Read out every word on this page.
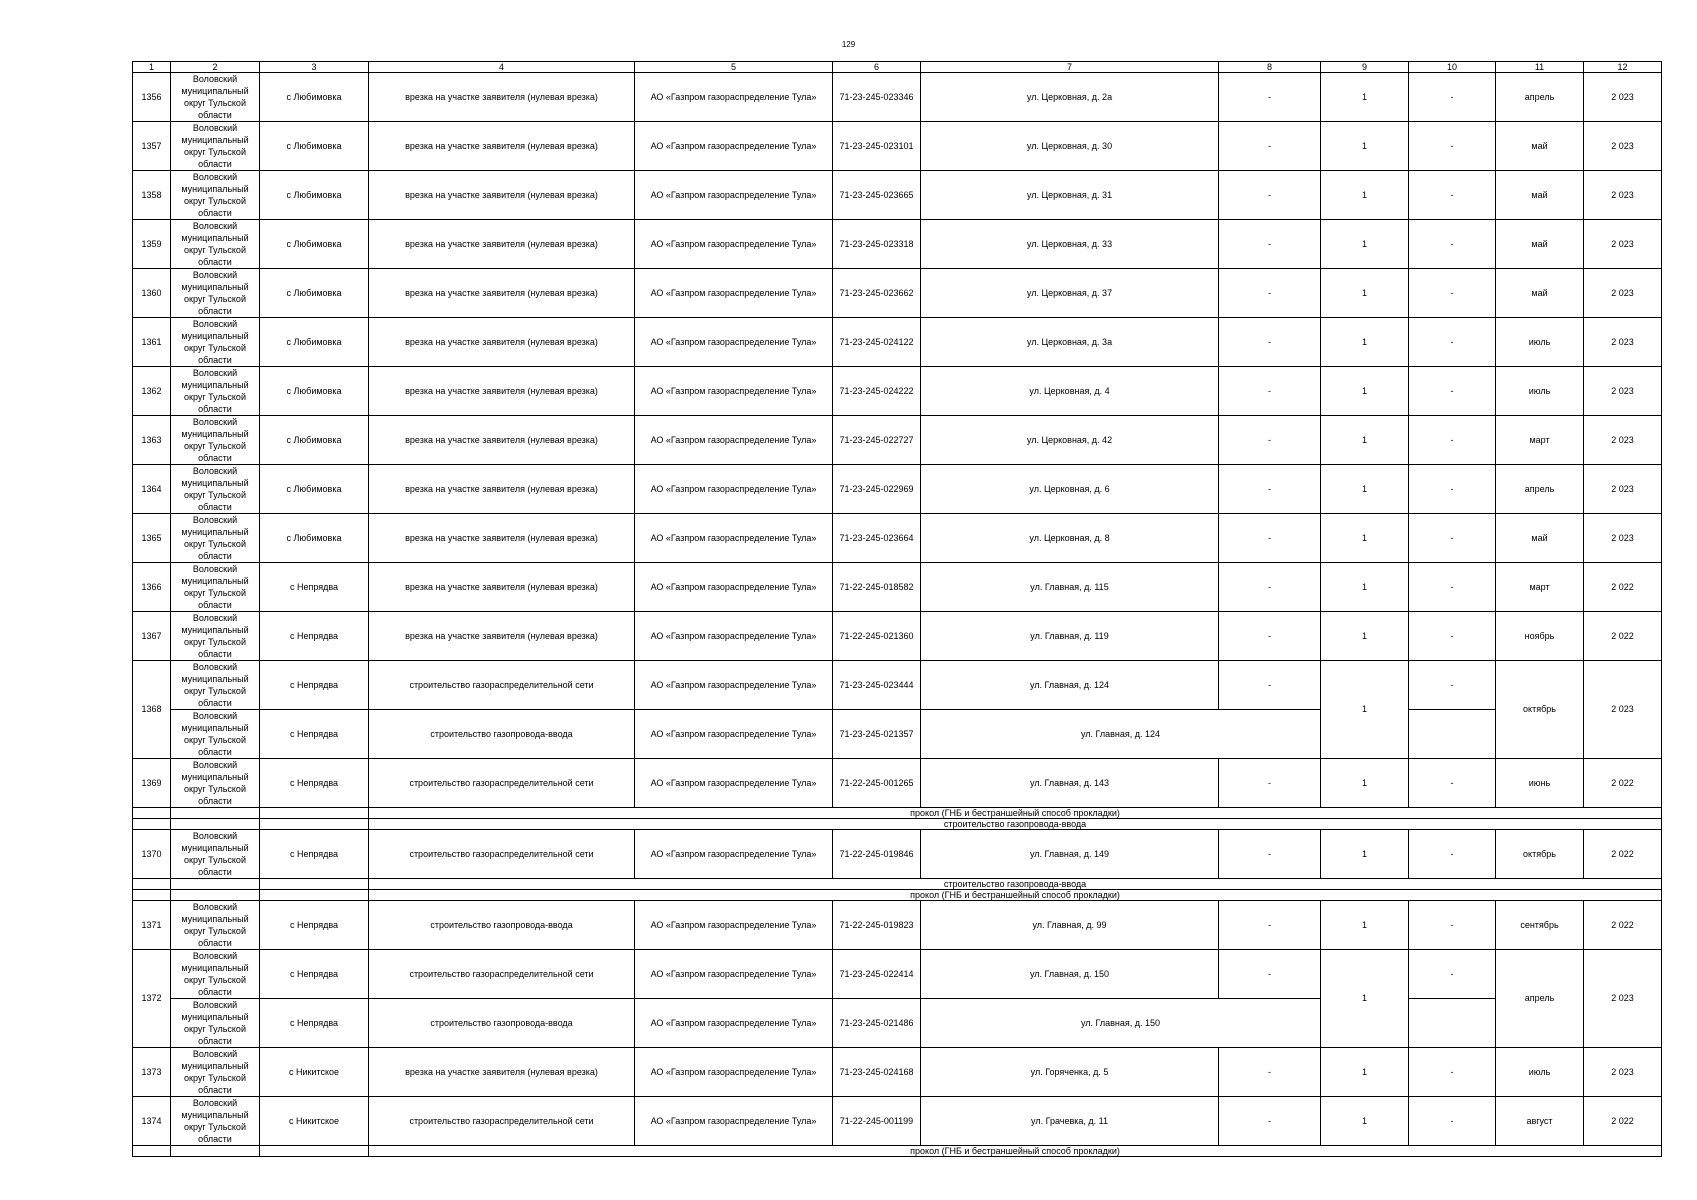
129
1	2	3	4	5	6	7	8	9	10	11	12
1356	Воловский муниципальный округ Тульской области	с Любимовка	врезка на участке заявителя (нулевая врезка)	АО «Газпром газораспределение Тула»	71-23-245-023346	ул. Церковная, д. 2а	-	1	-	апрель	2 023
1357	Воловский муниципальный округ Тульской области	с Любимовка	врезка на участке заявителя (нулевая врезка)	АО «Газпром газораспределение Тула»	71-23-245-023101	ул. Церковная, д. 30	-	1	-	май	2 023
1358	Воловский муниципальный округ Тульской области	с Любимовка	врезка на участке заявителя (нулевая врезка)	АО «Газпром газораспределение Тула»	71-23-245-023665	ул. Церковная, д. 31	-	1	-	май	2 023
1359	Воловский муниципальный округ Тульской области	с Любимовка	врезка на участке заявителя (нулевая врезка)	АО «Газпром газораспределение Тула»	71-23-245-023318	ул. Церковная, д. 33	-	1	-	май	2 023
1360	Воловский муниципальный округ Тульской области	с Любимовка	врезка на участке заявителя (нулевая врезка)	АО «Газпром газораспределение Тула»	71-23-245-023662	ул. Церковная, д. 37	-	1	-	май	2 023
1361	Воловский муниципальный округ Тульской области	с Любимовка	врезка на участке заявителя (нулевая врезка)	АО «Газпром газораспределение Тула»	71-23-245-024122	ул. Церковная, д. 3а	-	1	-	июль	2 023
1362	Воловский муниципальный округ Тульской области	с Любимовка	врезка на участке заявителя (нулевая врезка)	АО «Газпром газораспределение Тула»	71-23-245-024222	ул. Церковная, д. 4	-	1	-	июль	2 023
1363	Воловский муниципальный округ Тульской области	с Любимовка	врезка на участке заявителя (нулевая врезка)	АО «Газпром газораспределение Тула»	71-23-245-022727	ул. Церковная, д. 42	-	1	-	март	2 023
1364	Воловский муниципальный округ Тульской области	с Любимовка	врезка на участке заявителя (нулевая врезка)	АО «Газпром газораспределение Тула»	71-23-245-022969	ул. Церковная, д. 6	-	1	-	апрель	2 023
1365	Воловский муниципальный округ Тульской области	с Любимовка	врезка на участке заявителя (нулевая врезка)	АО «Газпром газораспределение Тула»	71-23-245-023664	ул. Церковная, д. 8	-	1	-	май	2 023
1366	Воловский муниципальный округ Тульской области	с Непрядва	врезка на участке заявителя (нулевая врезка)	АО «Газпром газораспределение Тула»	71-22-245-018582	ул. Главная, д. 115	-	1	-	март	2 022
1367	Воловский муниципальный округ Тульской области	с Непрядва	врезка на участке заявителя (нулевая врезка)	АО «Газпром газораспределение Тула»	71-22-245-021360	ул. Главная, д. 119	-	1	-	ноябрь	2 022
1368	Воловский муниципальный округ Тульской области	с Непрядва	строительство газораспределительной сети	АО «Газпром газораспределение Тула»	71-23-245-023444	ул. Главная, д. 124	-	1	-	октябрь	2 023
	Воловский муниципальный округ Тульской области	с Непрядва	строительство газопровода-ввода	АО «Газпром газораспределение Тула»	71-23-245-021357	ул. Главная, д. 124					
1369	Воловский муниципальный округ Тульской области	с Непрядва	строительство газораспределительной сети	АО «Газпром газораспределение Тула»	71-22-245-001265	ул. Главная, д. 143	-	1	-	июнь	2 022
			прокол (ГНБ и бестраншейный способ прокладки)								
			строительство газопровода-ввода								
1370	Воловский муниципальный округ Тульской области	с Непрядва	строительство газораспределительной сети	АО «Газпром газораспределение Тула»	71-22-245-019846	ул. Главная, д. 149	-	1	-	октябрь	2 022
			строительство газопровода-ввода								
			прокол (ГНБ и бестраншейный способ прокладки)								
1371	Воловский муниципальный округ Тульской области	с Непрядва	строительство газопровода-ввода	АО «Газпром газораспределение Тула»	71-22-245-019823	ул. Главная, д. 99	-	1	-	сентябрь	2 022
1372	Воловский муниципальный округ Тульской области	с Непрядва	строительство газораспределительной сети	АО «Газпром газораспределение Тула»	71-23-245-022414	ул. Главная, д. 150	-	1	-	апрель	2 023
	Воловский муниципальный округ Тульской области	с Непрядва	строительство газопровода-ввода	АО «Газпром газораспределение Тула»	71-23-245-021486	ул. Главная, д. 150					
1373	Воловский муниципальный округ Тульской области	с Никитское	врезка на участке заявителя (нулевая врезка)	АО «Газпром газораспределение Тула»	71-23-245-024168	ул. Горяченка, д. 5	-	1	-	июль	2 023
1374	Воловский муниципальный округ Тульской области	с Никитское	строительство газораспределительной сети	АО «Газпром газораспределение Тула»	71-22-245-001199	ул. Грачевка, д. 11	-	1	-	август	2 022
			прокол (ГНБ и бестраншейный способ прокладки)								
